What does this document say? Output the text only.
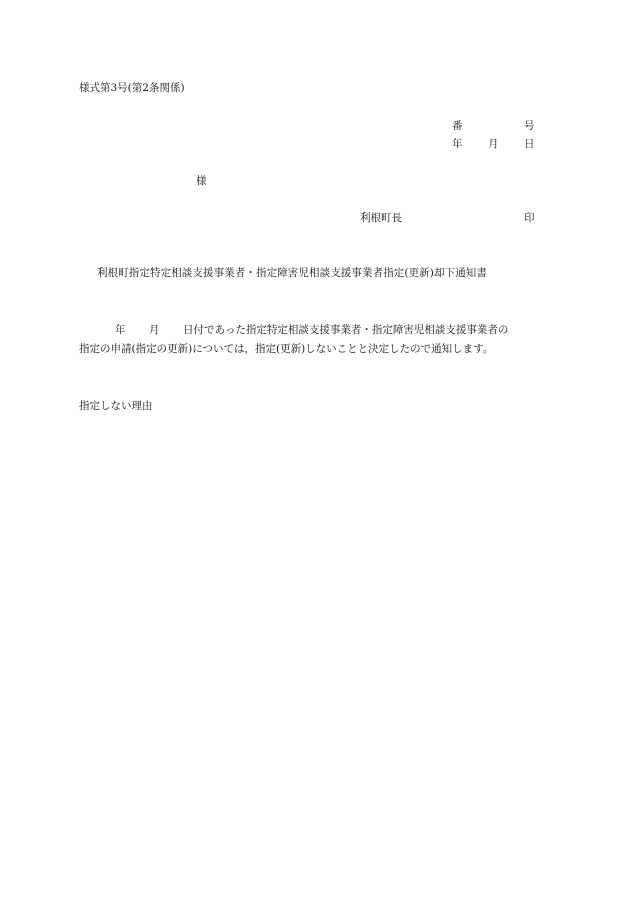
様式第3号(第2条関係)
番	号
年 月 日
様
利根町長	印
利根町指定特定相談支援事業者・指定障害児相談支援事業者指定(更新)却下通知書
年 月 日付であった指定特定相談支援事業者・指定障害児相談支援事業者の
指定の申請(指定の更新)については，指定(更新)しないことと決定したので通知します。
指定しない理由
